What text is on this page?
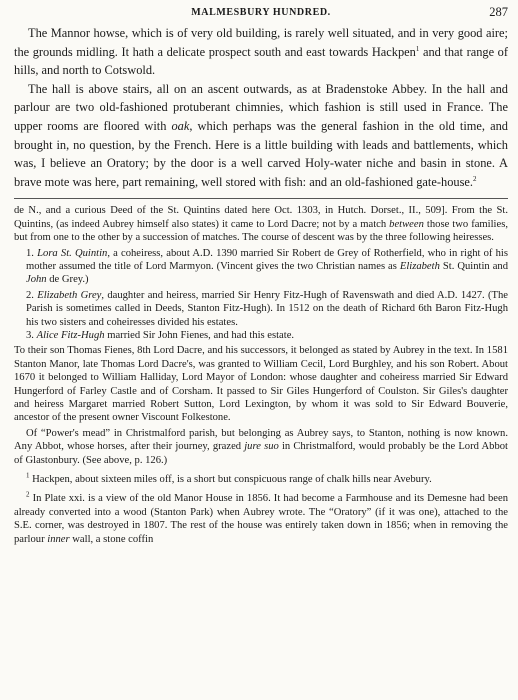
MALMESBURY HUNDRED.	287

The Mannor howse, which is of very old building, is rarely well situated, and in very good aire; the grounds midling. It hath a delicate prospect south and east towards Hackpen$^1$ and that range of hills, and north to Cotswold.

The hall is above stairs, all on an ascent outwards, as at Bradenstoke Abbey. In the hall and parlour are two old-fashioned protuberant chimnies, which fashion is still used in France. The upper rooms are floored with oak, which perhaps was the general fashion in the old time, and brought in, no question, by the French. Here is a little building with leads and battlements, which was, I believe an Oratory; by the door is a well carved Holy-water niche and basin in stone. A brave mote was here, part remaining, well stored with fish: and an old-fashioned gate-house.$^2$

de N., and a curious Deed of the St. Quintins dated here Oct. 1303, in Hutch. Dorset., II., 509]. From the St. Quintins, (as indeed Aubrey himself also states) it came to Lord Dacre; not by a match between those two families, but from one to the other by a succession of matches. The course of descent was by the three following heiresses.

1. Lora St. Quintin, a coheiress, about A.D. 1390 married Sir Robert de Grey of Rotherfield, who in right of his mother assumed the title of Lord Marmyon. (Vincent gives the two Christian names as Elizabeth St. Quintin and John de Grey.)

2. Elizabeth Grey, daughter and heiress, married Sir Henry Fitz-Hugh of Ravenswath and died A.D. 1427. (The Parish is sometimes called in Deeds, Stanton Fitz-Hugh). In 1512 on the death of Richard 6th Baron Fitz-Hugh his two sisters and coheiresses divided his estates.

3. Alice Fitz-Hugh married Sir John Fienes, and had this estate.

To their son Thomas Fienes, 8th Lord Dacre, and his successors, it belonged as stated by Aubrey in the text. In 1581 Stanton Manor, late Thomas Lord Dacre's, was granted to William Cecil, Lord Burghley, and his son Robert. About 1670 it belonged to William Halliday, Lord Mayor of London: whose daughter and coheiress married Sir Edward Hungerford of Farley Castle and of Corsham. It passed to Sir Giles Hungerford of Coulston. Sir Giles's daughter and heiress Margaret married Robert Sutton, Lord Lexington, by whom it was sold to Sir Edward Bouverie, ancestor of the present owner Viscount Folkestone.

Of “Power's mead” in Christmalford parish, but belonging as Aubrey says, to Stanton, nothing is now known. Any Abbot, whose horses, after their journey, grazed jure suo in Christmalford, would probably be the Lord Abbot of Glastonbury. (See above, p. 126.)

$^1$ Hackpen, about sixteen miles off, is a short but conspicuous range of chalk hills near Avebury.

$^2$ In Plate xxi. is a view of the old Manor House in 1856. It had become a Farmhouse and its Demesne had been already converted into a wood (Stanton Park) when Aubrey wrote. The “Oratory” (if it was one), attached to the S.E. corner, was destroyed in 1807. The rest of the house was entirely taken down in 1856; when in removing the parlour inner wall, a stone coffin
